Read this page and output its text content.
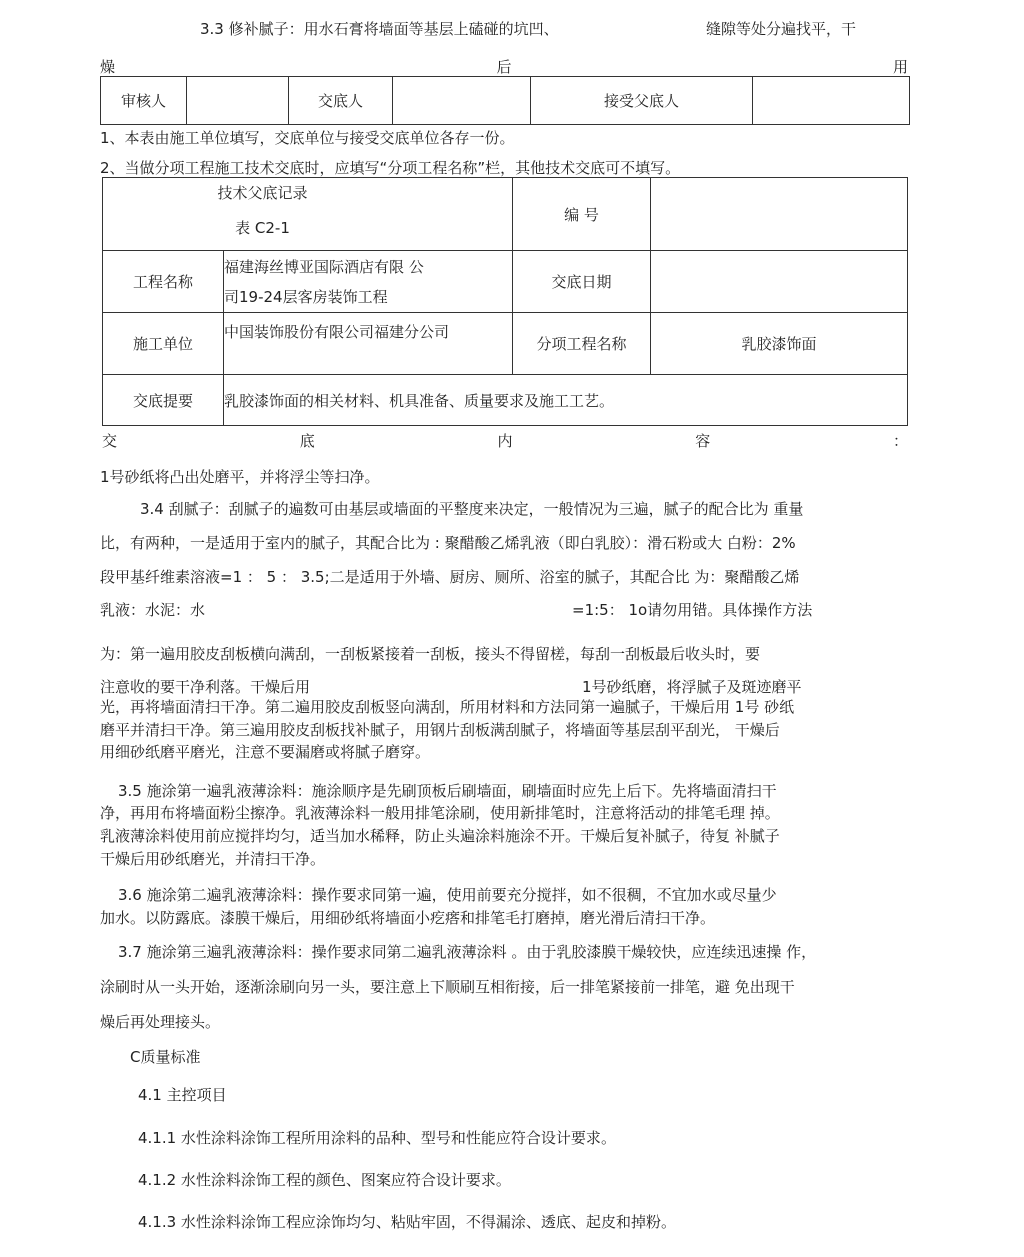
3.3 修补腻子：用水石膏将墙面等基层上磕碰的坑凹、	缝隙等处分遍找平，干
燥	后	用
审核人		交底人		接受父底人	
1、本表由施工单位填写，交底单位与接受交底单位各存一份。
2、当做分项工程施工技术交底时，应填写“分项工程名称”栏，其他技术交底可不填写。
技术父底记录
表 C2-1		编 号	
工程名称	福建海丝博亚国际酒店有限 公
司19-24层客房装饰工程	交底日期	
施工单位	中国装饰股份有限公司福建分公司	分项工程名称	乳胶漆饰面
交底提要	乳胶漆饰面的相关材料、机具准备、质量要求及施工工艺。		
交	底	内	容	：
1号砂纸将凸出处磨平，并将浮尘等扫净。
3.4 刮腻子：刮腻子的遍数可由基层或墙面的平整度来决定，一般情况为三遍，腻子的配合比为 重量
比，有两种，一是适用于室内的腻子，其配合比为 : 聚醋酸乙烯乳液（即白乳胶）：滑石粉或大 白粉：2%
段甲基纤维素溶液=1 ： 5 ： 3.5;二是适用于外墙、厨房、厕所、浴室的腻子，其配合比 为：聚醋酸乙烯
乳液：水泥：水	=1:5： 1o请勿用错。具体操作方法
为：第一遍用胶皮刮板横向满刮，一刮板紧接着一刮板，接头不得留槎，每刮一刮板最后收头时，要
注意收的要干净利落。干燥后用	1号砂纸磨，将浮腻子及斑迹磨平
光，再将墙面清扫干净。第二遍用胶皮刮板竖向满刮，所用材料和方法同第一遍腻子，干燥后用 1号 砂纸
磨平并清扫干净。第三遍用胶皮刮板找补腻子，用钢片刮板满刮腻子，将墙面等基层刮平刮光， 干燥后
用细砂纸磨平磨光，注意不要漏磨或将腻子磨穿。
3.5 施涂第一遍乳液薄涂料：施涂顺序是先刷顶板后刷墙面，刷墙面时应先上后下。先将墙面清扫干
净，再用布将墙面粉尘擦净。乳液薄涂料一般用排笔涂刷，使用新排笔时，注意将活动的排笔毛理 掉。
乳液薄涂料使用前应搅拌均匀，适当加水稀释，防止头遍涂料施涂不开。干燥后复补腻子，待复 补腻子
干燥后用砂纸磨光，并清扫干净。
3.6 施涂第二遍乳液薄涂料：操作要求同第一遍，使用前要充分搅拌，如不很稠，不宜加水或尽量少
加水。以防露底。漆膜干燥后，用细砂纸将墙面小疙瘩和排笔毛打磨掉，磨光滑后清扫干净。
3.7 施涂第三遍乳液薄涂料：操作要求同第二遍乳液薄涂料 。由于乳胶漆膜干燥较快，应连续迅速操 作，
涂刷时从一头开始，逐渐涂刷向另一头，要注意上下顺刷互相衔接，后一排笔紧接前一排笔，避 免出现干
燥后再处理接头。
C质量标准
4.1 主控项目
4.1.1 水性涂料涂饰工程所用涂料的品种、型号和性能应符合设计要求。
4.1.2 水性涂料涂饰工程的颜色、图案应符合设计要求。
4.1.3 水性涂料涂饰工程应涂饰均匀、粘贴牢固，不得漏涂、透底、起皮和掉粉。
